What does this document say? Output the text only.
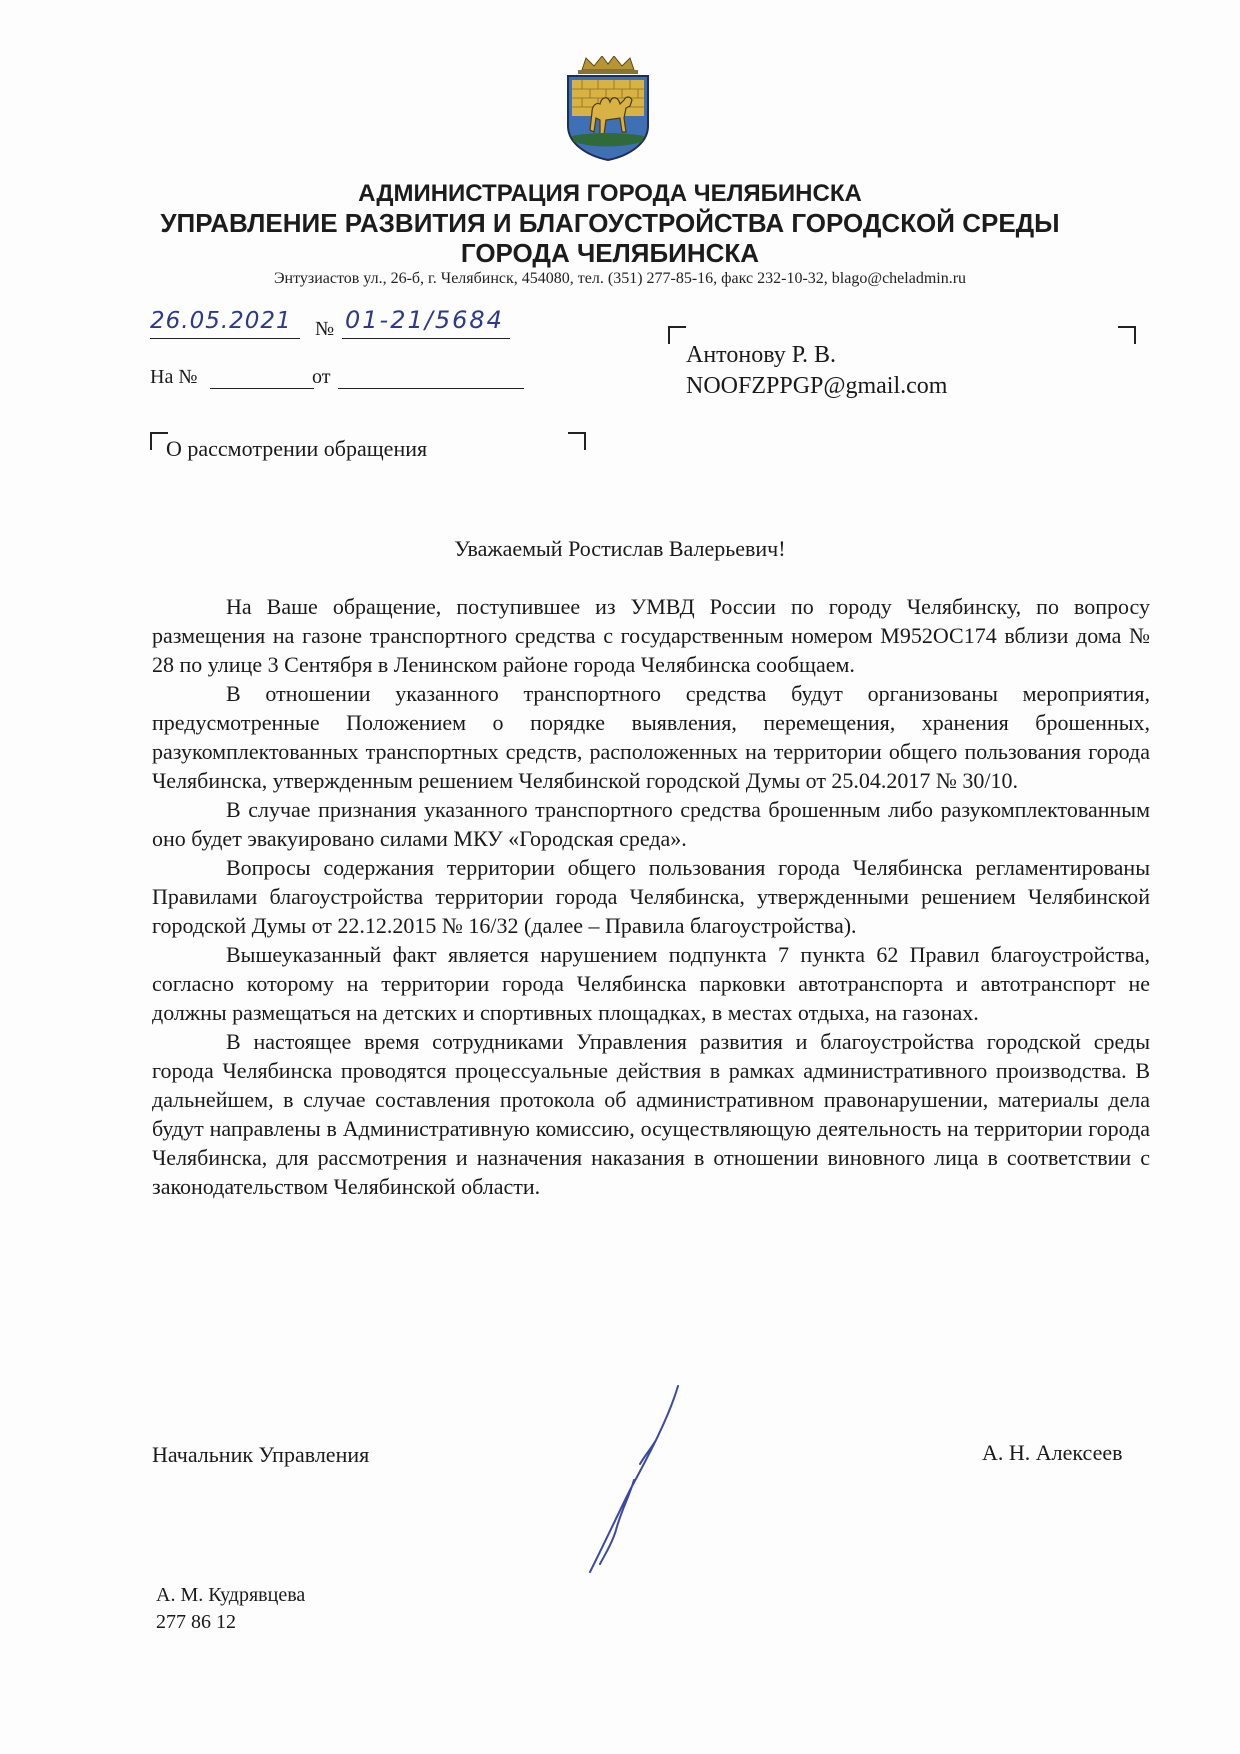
АДМИНИСТРАЦИЯ ГОРОДА ЧЕЛЯБИНСКА
УПРАВЛЕНИЕ РАЗВИТИЯ И БЛАГОУСТРОЙСТВА ГОРОДСКОЙ СРЕДЫ
ГОРОДА ЧЕЛЯБИНСКА
Энтузиастов ул., 26-б, г. Челябинск, 454080, тел. (351) 277-85-16, факс 232-10-32, blago@cheladmin.ru
26.05.2021	№ 01-21/5684
На №	от
Антонову Р. В.
NOOFZPPGP@gmail.com
О рассмотрении обращения
Уважаемый Ростислав Валерьевич!

На Ваше обращение, поступившее из УМВД России по городу Челябинску, по вопросу размещения на газоне транспортного средства с государственным номером М952ОС174 вблизи дома № 28 по улице 3 Сентября в Ленинском районе города Челябинска сообщаем.

В отношении указанного транспортного средства будут организованы мероприятия, предусмотренные Положением о порядке выявления, перемещения, хранения брошенных, разукомплектованных транспортных средств, расположенных на территории общего пользования города Челябинска, утвержденным решением Челябинской городской Думы от 25.04.2017 № 30/10.

В случае признания указанного транспортного средства брошенным либо разукомплектованным оно будет эвакуировано силами МКУ «Городская среда».

Вопросы содержания территории общего пользования города Челябинска регламентированы Правилами благоустройства территории города Челябинска, утвержденными решением Челябинской городской Думы от 22.12.2015 № 16/32 (далее – Правила благоустройства).

Вышеуказанный факт является нарушением подпункта 7 пункта 62 Правил благоустройства, согласно которому на территории города Челябинска парковки автотранспорта и автотранспорт не должны размещаться на детских и спортивных площадках, в местах отдыха, на газонах.

В настоящее время сотрудниками Управления развития и благоустройства городской среды города Челябинска проводятся процессуальные действия в рамках административного производства. В дальнейшем, в случае составления протокола об административном правонарушении, материалы дела будут направлены в Административную комиссию, осуществляющую деятельность на территории города Челябинска, для рассмотрения и назначения наказания в отношении виновного лица в соответствии с законодательством Челябинской области.

Начальник Управления	А. Н. Алексеев
А. М. Кудрявцева
277 86 12
